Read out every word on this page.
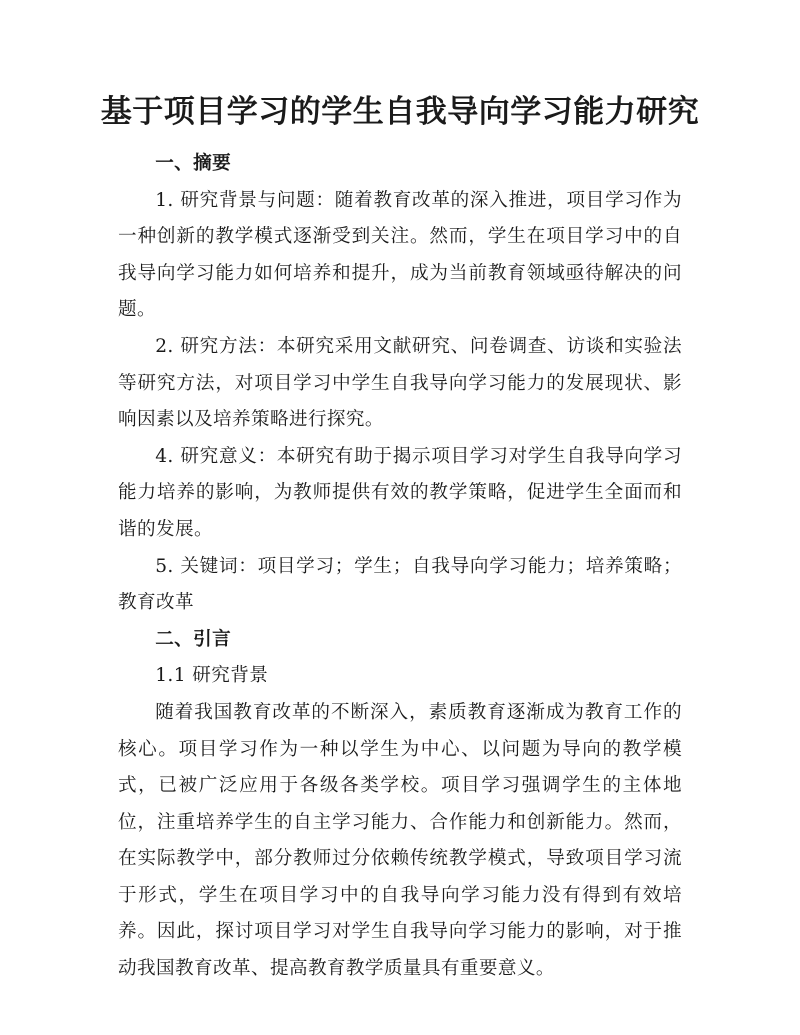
基于项目学习的学生自我导向学习能力研究

一、摘要

1. 研究背景与问题：随着教育改革的深入推进，项目学习作为一种创新的教学模式逐渐受到关注。然而，学生在项目学习中的自我导向学习能力如何培养和提升，成为当前教育领域亟待解决的问题。

2. 研究方法：本研究采用文献研究、问卷调查、访谈和实验法等研究方法，对项目学习中学生自我导向学习能力的发展现状、影响因素以及培养策略进行探究。

4. 研究意义：本研究有助于揭示项目学习对学生自我导向学习能力培养的影响，为教师提供有效的教学策略，促进学生全面而和谐的发展。

5. 关键词：项目学习；学生；自我导向学习能力；培养策略；教育改革

二、引言

1.1 研究背景

随着我国教育改革的不断深入，素质教育逐渐成为教育工作的核心。项目学习作为一种以学生为中心、以问题为导向的教学模式，已被广泛应用于各级各类学校。项目学习强调学生的主体地位，注重培养学生的自主学习能力、合作能力和创新能力。然而，在实际教学中，部分教师过分依赖传统教学模式，导致项目学习流于形式，学生在项目学习中的自我导向学习能力没有得到有效培养。因此，探讨项目学习对学生自我导向学习能力的影响，对于推动我国教育改革、提高教育教学质量具有重要意义。
